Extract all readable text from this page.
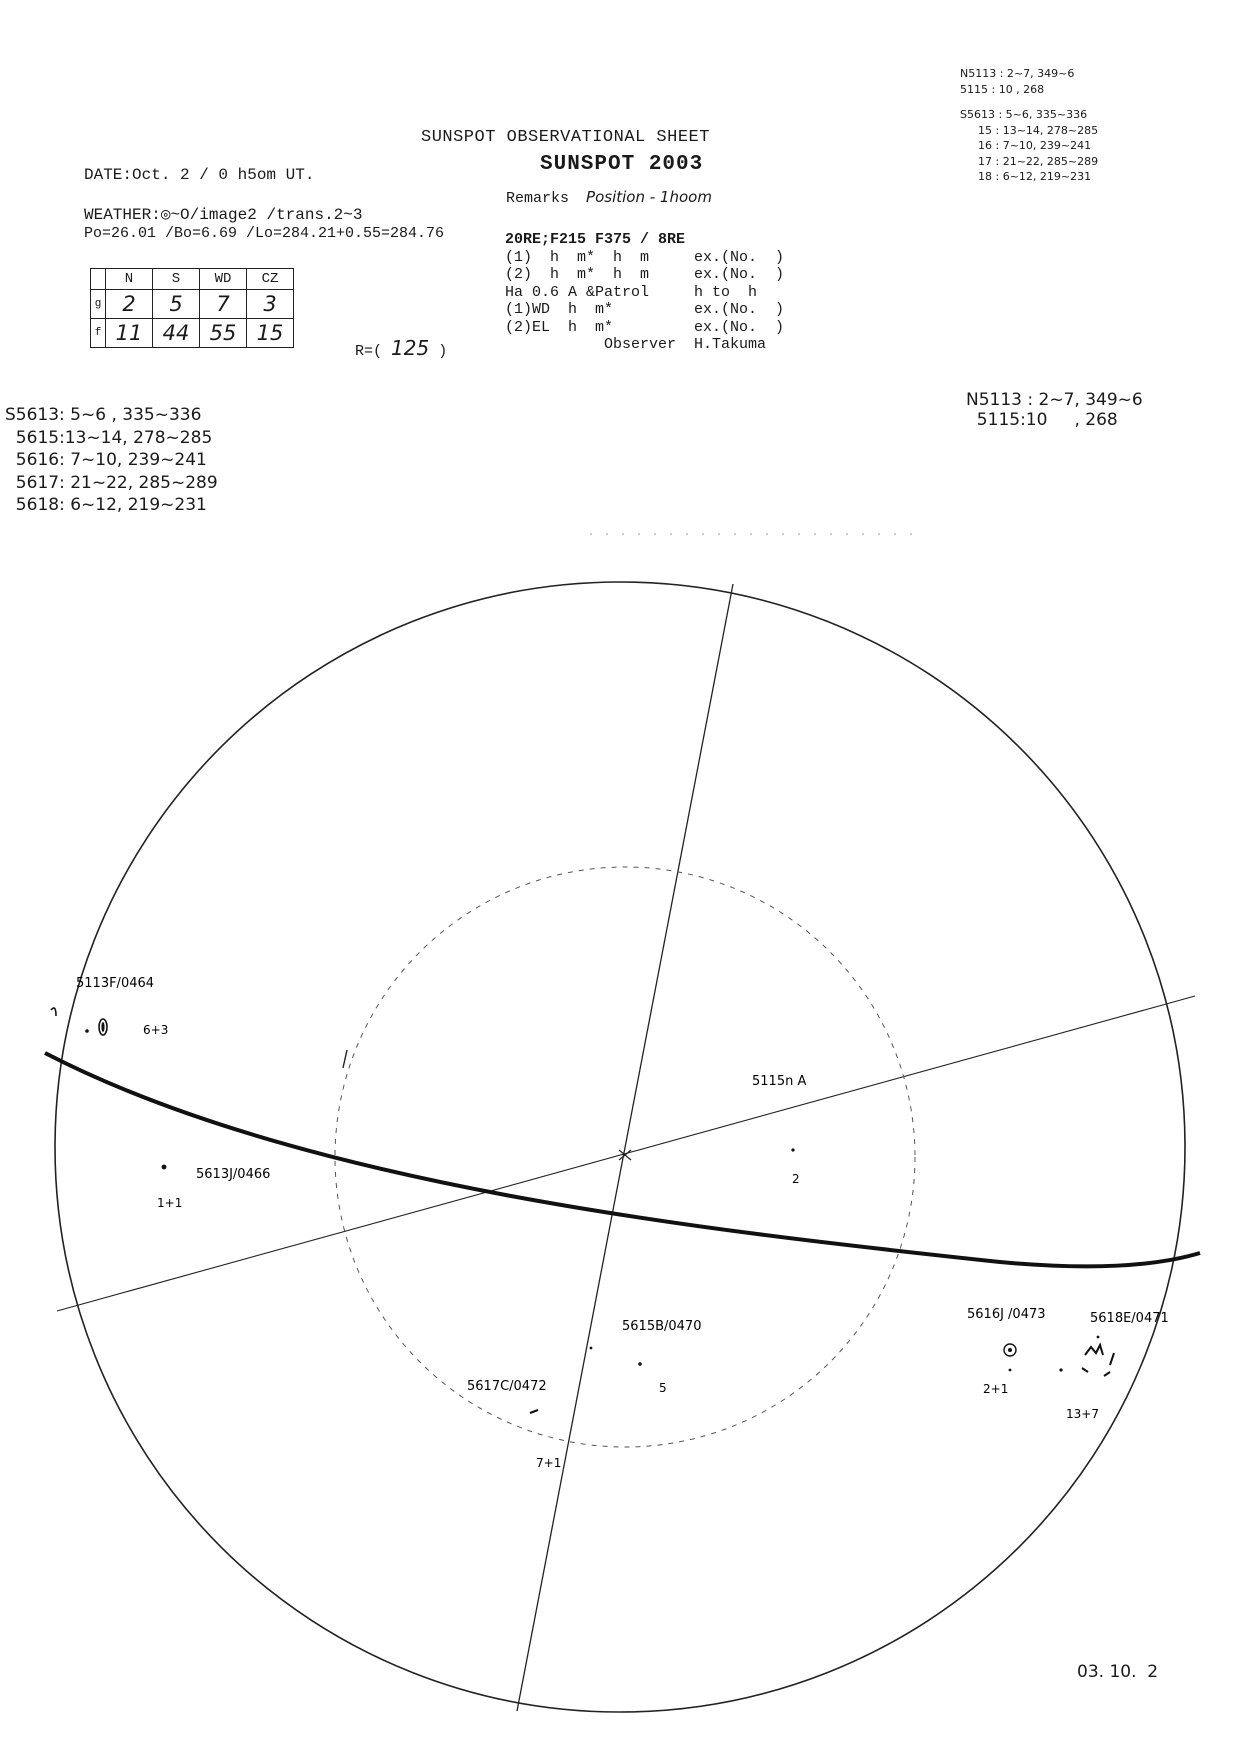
SUNSPOT OBSERVATIONAL SHEET
SUNSPOT 2003
N5113 : 2~7, 349~6
5115 : 10 , 268
S5613 : 5~6, 335~336
15 : 13~14, 278~285
16 : 7~10, 239~241
17 : 21~22, 285~289
18 : 6~12, 219~231
DATE:Oct. 2 / 0 h5om UT.
WEATHER:◎~O/image2 /trans.2~3
Po=26.01 /Bo=6.69 /Lo=284.21+0.55=284.76
Remarks Position - 1hoom
20RE;F215 F375 / 8RE
(1)  h  m*  h  m     ex.(No.  )
(2)  h  m*  h  m     ex.(No.  )
Ha 0.6 A &Patrol     h to  h
(1)WD  h  m*         ex.(No.  )
(2)EL  h  m*         ex.(No.  )
Observer  H.Takuma
	N	S	WD	CZ
g	2	5	7	3
f	11	44	55	15
R=( 125 )
S5613: 5~6 , 335~336
5615:13~14, 278~285
5616: 7~10, 239~241
5617: 21~22, 285~289
5618: 6~12, 219~231
N5113 : 2~7, 349~6
5115:10     , 268
5113F/0464
6+3
5613J/0466
1+1
5115n A
2
5615B/0470
5
5617C/0472
7+1
5616J /0473
2+1
5618E/0471
13+7
03. 10.  2
